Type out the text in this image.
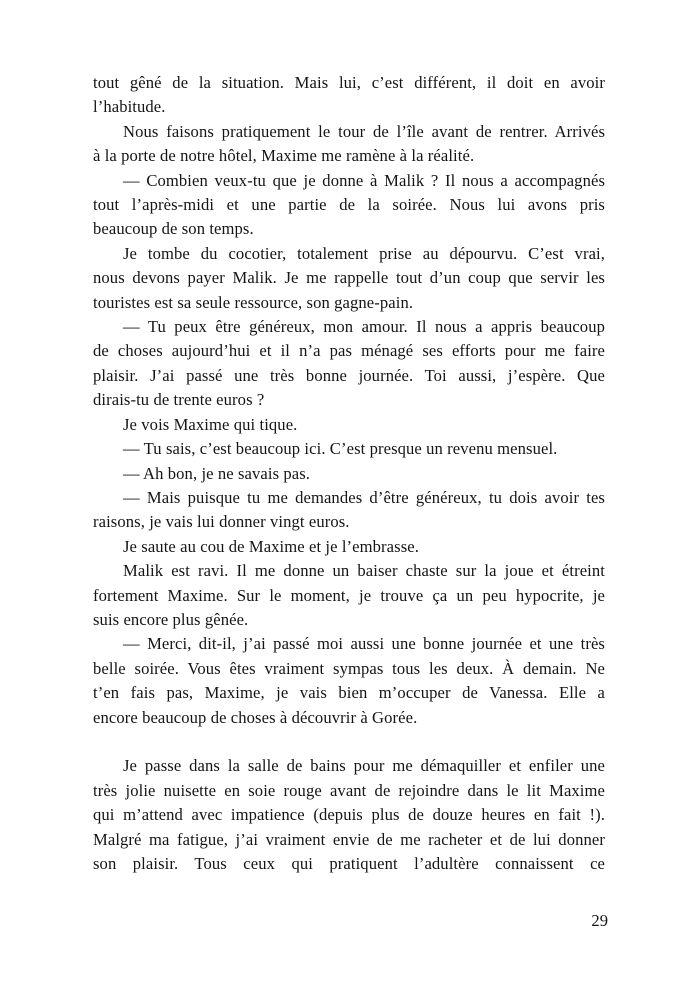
tout gêné de la situation. Mais lui, c’est différent, il doit en avoir
l’habitude.
Nous faisons pratiquement le tour de l’île avant de rentrer. Arrivés
à la porte de notre hôtel, Maxime me ramène à la réalité.
— Combien veux-tu que je donne à Malik ? Il nous a accompagnés
tout l’après-midi et une partie de la soirée. Nous lui avons pris
beaucoup de son temps.
Je tombe du cocotier, totalement prise au dépourvu. C’est vrai,
nous devons payer Malik. Je me rappelle tout d’un coup que servir les
touristes est sa seule ressource, son gagne-pain.
— Tu peux être généreux, mon amour. Il nous a appris beaucoup
de choses aujourd’hui et il n’a pas ménagé ses efforts pour me faire
plaisir. J’ai passé une très bonne journée. Toi aussi, j’espère. Que
dirais-tu de trente euros ?
Je vois Maxime qui tique.
— Tu sais, c’est beaucoup ici. C’est presque un revenu mensuel.
— Ah bon, je ne savais pas.
— Mais puisque tu me demandes d’être généreux, tu dois avoir tes
raisons, je vais lui donner vingt euros.
Je saute au cou de Maxime et je l’embrasse.
Malik est ravi. Il me donne un baiser chaste sur la joue et étreint
fortement Maxime. Sur le moment, je trouve ça un peu hypocrite, je
suis encore plus gênée.
— Merci, dit-il, j’ai passé moi aussi une bonne journée et une très
belle soirée. Vous êtes vraiment sympas tous les deux. À demain. Ne
t’en fais pas, Maxime, je vais bien m’occuper de Vanessa. Elle a
encore beaucoup de choses à découvrir à Gorée.
Je passe dans la salle de bains pour me démaquiller et enfiler une
très jolie nuisette en soie rouge avant de rejoindre dans le lit Maxime
qui m’attend avec impatience (depuis plus de douze heures en fait !).
Malgré ma fatigue, j’ai vraiment envie de me racheter et de lui donner
son plaisir. Tous ceux qui pratiquent l’adultère connaissent ce
29
